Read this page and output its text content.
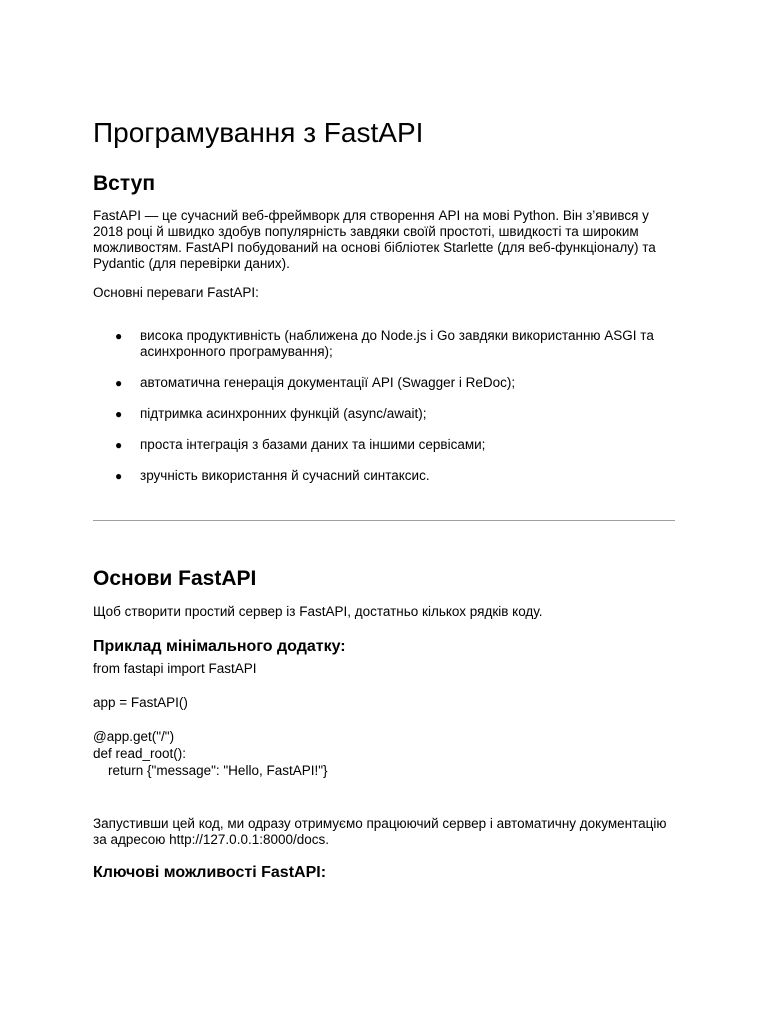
Програмування з FastAPI
Вступ

FastAPI — це сучасний веб-фреймворк для створення API на мові Python. Він з’явився у 2018 році й швидко здобув популярність завдяки своїй простоті, швидкості та широким можливостям. FastAPI побудований на основі бібліотек Starlette (для веб-функціоналу) та Pydantic (для перевірки даних).

Основні переваги FastAPI:

● висока продуктивність (наближена до Node.js і Go завдяки використанню ASGI та асинхронного програмування);
● автоматична генерація документації API (Swagger і ReDoc);
● підтримка асинхронних функцій (async/await);
● проста інтеграція з базами даних та іншими сервісами;
● зручність використання й сучасний синтаксис.
Основи FastAPI

Щоб створити простий сервер із FastAPI, достатньо кількох рядків коду.

Приклад мінімального додатку:
from fastapi import FastAPI

app = FastAPI()

@app.get("/")
def read_root():
return {"message": "Hello, FastAPI!"}

Запустивши цей код, ми одразу отримуємо працюючий сервер і автоматичну документацію за адресою http://127.0.0.1:8000/docs.

Ключові можливості FastAPI:
